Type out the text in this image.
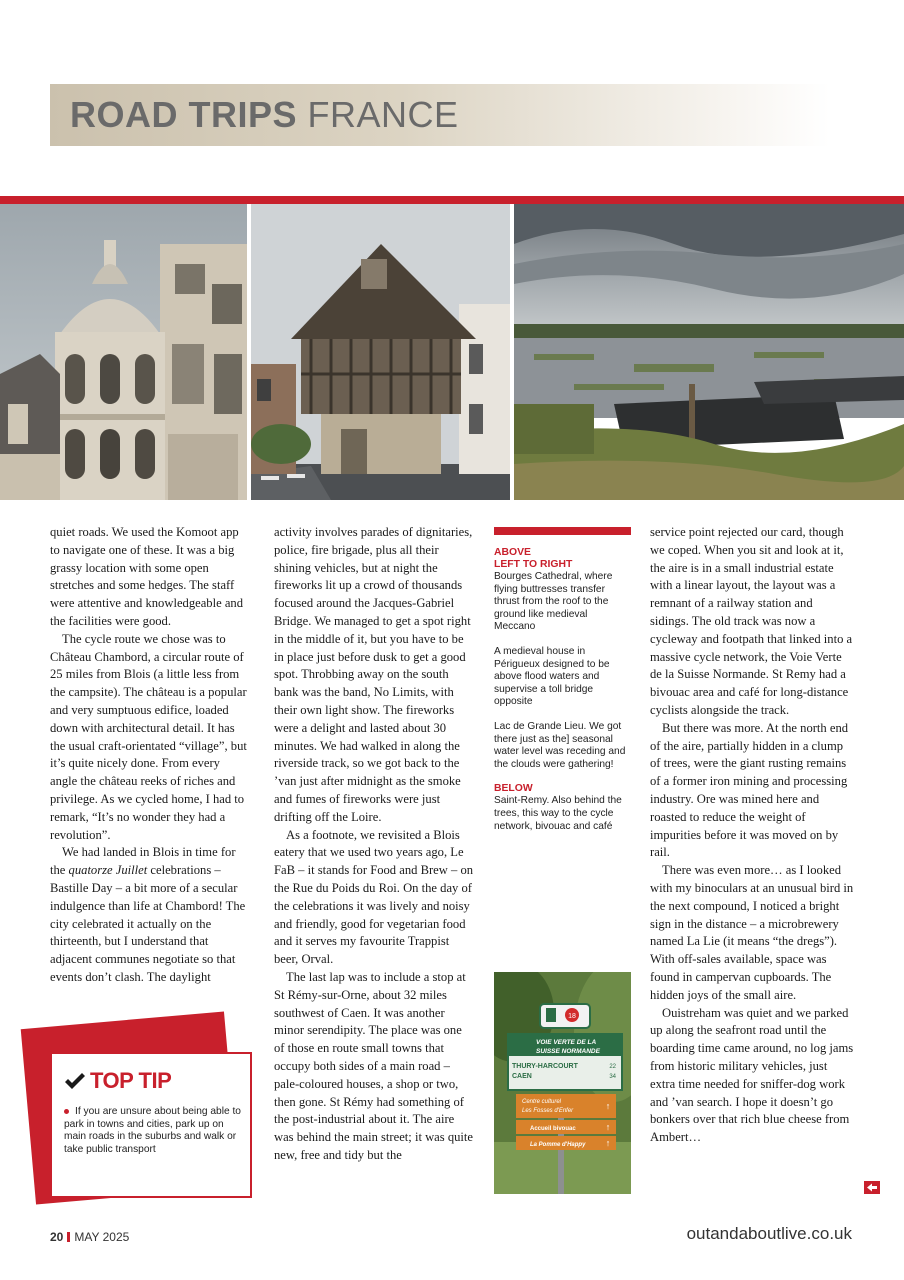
ROAD TRIPS FRANCE

quiet roads. We used the Komoot app to navigate one of these. It was a big grassy location with some open stretches and some hedges. The staff were attentive and knowledgeable and the facilities were good.

The cycle route we chose was to Château Chambord, a circular route of 25 miles from Blois (a little less from the campsite). The château is a popular and very sumptuous edifice, loaded down with architectural detail. It has the usual craft-orientated “village”, but it’s quite nicely done. From every angle the château reeks of riches and privilege. As we cycled home, I had to remark, “It’s no wonder they had a revolution”.

We had landed in Blois in time for the quatorze Juillet celebrations – Bastille Day – a bit more of a secular indulgence than life at Chambord! The city celebrated it actually on the thirteenth, but I understand that adjacent communes negotiate so that events don’t clash. The daylight

activity involves parades of dignitaries, police, fire brigade, plus all their shining vehicles, but at night the fireworks lit up a crowd of thousands focused around the Jacques-Gabriel Bridge. We managed to get a spot right in the middle of it, but you have to be in place just before dusk to get a good spot. Throbbing away on the south bank was the band, No Limits, with their own light show. The fireworks were a delight and lasted about 30 minutes. We had walked in along the riverside track, so we got back to the ’van just after midnight as the smoke and fumes of fireworks were just drifting off the Loire.

As a footnote, we revisited a Blois eatery that we used two years ago, Le FaB – it stands for Food and Brew – on the Rue du Poids du Roi. On the day of the celebrations it was lively and noisy and friendly, good for vegetarian food and it serves my favourite Trappist beer, Orval.

The last lap was to include a stop at St Rémy-sur-Orne, about 32 miles southwest of Caen. It was another minor serendipity. The place was one of those en route small towns that occupy both sides of a main road – pale-coloured houses, a shop or two, then gone. St Rémy had something of the post-industrial about it. The aire was behind the main street; it was quite new, free and tidy but the

ABOVE
LEFT TO RIGHT

Bourges Cathedral, where flying buttresses transfer thrust from the roof to the ground like medieval Meccano

A medieval house in Périgueux designed to be above flood waters and supervise a toll bridge opposite

Lac de Grande Lieu. We got there just as the] seasonal water level was receding and the clouds were gathering!

BELOW

Saint-Remy. Also behind the trees, this way to the cycle network, bivouac and café

18
VOIE VERTE DE LA
SUISSE NORMANDE
THURY-HARCOURT
CAEN
22
34
Centre culturel
Les Fosses d'Enfer	↑
Accueil bivouac	↑
La Pomme d'Happy ↑

service point rejected our card, though we coped. When you sit and look at it, the aire is in a small industrial estate with a linear layout, the layout was a remnant of a railway station and sidings. The old track was now a cycleway and footpath that linked into a massive cycle network, the Voie Verte de la Suisse Normande. St Remy had a bivouac area and café for long-distance cyclists alongside the track.

But there was more. At the north end of the aire, partially hidden in a clump of trees, were the giant rusting remains of a former iron mining and processing industry. Ore was mined here and roasted to reduce the weight of impurities before it was moved on by rail.

There was even more… as I looked with my binoculars at an unusual bird in the next compound, I noticed a bright sign in the distance – a microbrewery named La Lie (it means “the dregs”). With off-sales available, space was found in campervan cupboards. The hidden joys of the small aire.

Ouistreham was quiet and we parked up along the seafront road until the boarding time came around, no log jams from historic military vehicles, just extra time needed for sniffer-dog work and ’van search. I hope it doesn’t go bonkers over that rich blue cheese from Ambert…

TOP TIP
If you are unsure about being able to park in towns and cities, park up on main roads in the suburbs and walk or take public transport
20 MAY 2025	outandaboutlive.co.uk
